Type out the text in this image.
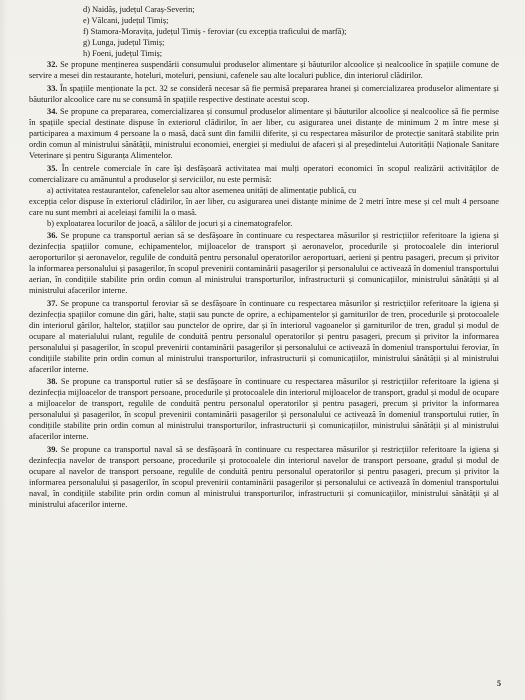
d) Naidăș, județul Caraș-Severin;
e) Vălcani, județul Timiș;
f) Stamora-Moravița, județul Timiș - feroviar (cu excepția traficului de marfă);
g) Lunga, județul Timiș;
h) Foeni, județul Timiș;

32. Se propune menținerea suspendării consumului produselor alimentare și băuturilor alcoolice și nealcoolice în spațiile comune de servire a mesei din restaurante, hoteluri, moteluri, pensiuni, cafenele sau alte localuri publice, din interiorul clădirilor.

33. În spațiile menționate la pct. 32 se consideră necesar să fie permisă prepararea hranei și comercializarea produselor alimentare și băuturilor alcoolice care nu se consumă în spațiile respective destinate acestui scop.

34. Se propune ca prepararea, comercializarea și consumul produselor alimentare și băuturilor alcoolice și nealcoolice să fie permise în spațiile special destinate dispuse în exteriorul clădirilor, în aer liber, cu asigurarea unei distanțe de minimum 2 m între mese și participarea a maximum 4 persoane la o masă, dacă sunt din familii diferite, și cu respectarea măsurilor de protecție sanitară stabilite prin ordin comun al ministrului sănătății, ministrului economiei, energiei și mediului de afaceri și al președintelui Autorității Naționale Sanitare Veterinare și pentru Siguranța Alimentelor.

35. În centrele comerciale în care își desfășoară activitatea mai mulți operatori economici în scopul realizării activităților de comercializare cu amănuntul a produselor și serviciilor, nu este permisă:

a) activitatea restaurantelor, cafenelelor sau altor asemenea unități de alimentație publică, cu

excepția celor dispuse în exteriorul clădirilor, în aer liber, cu asigurarea unei distanțe minime de 2 metri între mese și cel mult 4 persoane care nu sunt membri ai aceleiași familii la o masă.

b) exploatarea locurilor de joacă, a sălilor de jocuri și a cinematografelor.

36. Se propune ca transportul aerian să se desfășoare în continuare cu respectarea măsurilor și restricțiilor referitoare la igiena și dezinfecția spațiilor comune, echipamentelor, mijloacelor de transport și aeronavelor, procedurile și protocoalele din interiorul aeroporturilor și aeronavelor, regulile de conduită pentru personalul operatorilor aeroportuari, aerieni și pentru pasageri, precum și privitor la informarea personalului și pasagerilor, în scopul prevenirii contaminării pasagerilor și personalului ce activează în domeniul transportului aerian, în condițiile stabilite prin ordin comun al ministrului transporturilor, infrastructurii și comunicațiilor, ministrului sănătății și al ministrului afacerilor interne.

37. Se propune ca transportul feroviar să se desfășoare în continuare cu respectarea măsurilor și restricțiilor referitoare la igiena și dezinfecția spațiilor comune din gări, halte, stații sau puncte de oprire, a echipamentelor și garniturilor de tren, procedurile și protocoalele din interiorul gărilor, haltelor, stațiilor sau punctelor de oprire, dar și în interiorul vagoanelor și garniturilor de tren, gradul și modul de ocupare al materialului rulant, regulile de conduită pentru personalul operatorilor și pentru pasageri, precum și privitor la informarea personalului și pasagerilor, în scopul prevenirii contaminării pasagerilor și personalului ce activează în domeniul transportului feroviar, în condițiile stabilite prin ordin comun al ministrului transporturilor, infrastructurii și comunicațiilor, ministrului sănătății și al ministrului afacerilor interne.

38. Se propune ca transportul rutier să se desfășoare în continuare cu respectarea măsurilor și restricțiilor referitoare la igiena și dezinfecția mijloacelor de transport persoane, procedurile și protocoalele din interiorul mijloacelor de transport, gradul și modul de ocupare a mijloacelor de transport, regulile de conduită pentru personalul operatorilor și pentru pasageri, precum și privitor la informarea personalului și pasagerilor, în scopul prevenirii contaminării pasagerilor și personalului ce activează în domeniul transportului rutier, în condițiile stabilite prin ordin comun al ministrului transporturilor, infrastructurii și comunicațiilor, ministrului sănătății și al ministrului afacerilor interne.

39. Se propune ca transportul naval să se desfășoară în continuare cu respectarea măsurilor și restricțiilor referitoare la igiena și dezinfecția navelor de transport persoane, procedurile și protocoalele din interiorul navelor de transport persoane, gradul și modul de ocupare al navelor de transport persoane, regulile de conduită pentru personalul operatorilor și pentru pasageri, precum și privitor la informarea personalului și pasagerilor, în scopul prevenirii contaminării pasagerilor și personalului ce activează în domeniul transportului naval, în condițiile stabilite prin ordin comun al ministrului transporturilor, infrastructurii și comunicațiilor, ministrului sănătății și al ministrului afacerilor interne.

5
